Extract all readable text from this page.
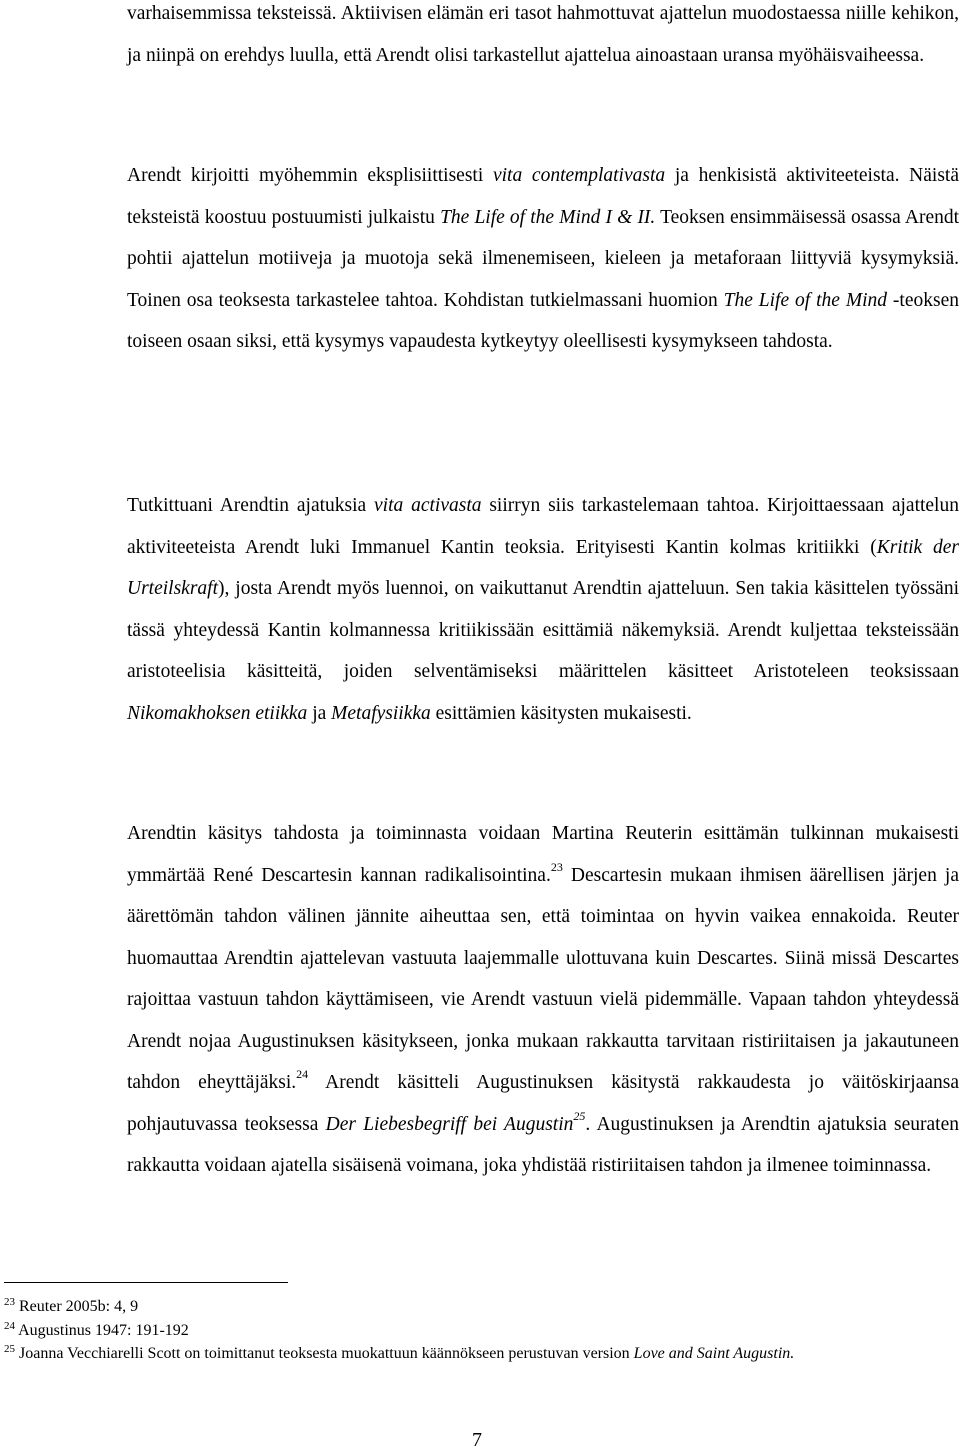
varhaisemmissa teksteissä. Aktiivisen elämän eri tasot hahmottuvat ajattelun muodostaessa niille kehikon, ja niinpä on erehdys luulla, että Arendt olisi tarkastellut ajattelua ainoastaan uransa myöhäisvaiheessa.

Arendt kirjoitti myöhemmin eksplisiittisesti vita contemplativasta ja henkisistä aktiviteeteista. Näistä teksteistä koostuu postuumisti julkaistu The Life of the Mind I & II. Teoksen ensimmäisessä osassa Arendt pohtii ajattelun motiiveja ja muotoja sekä ilmenemiseen, kieleen ja metaforaan liittyviä kysymyksiä. Toinen osa teoksesta tarkastelee tahtoa. Kohdistan tutkielmassani huomion The Life of the Mind -teoksen toiseen osaan siksi, että kysymys vapaudesta kytkeytyy oleellisesti kysymykseen tahdosta.

Tutkittuani Arendtin ajatuksia vita activasta siirryn siis tarkastelemaan tahtoa. Kirjoittaessaan ajattelun aktiviteeteista Arendt luki Immanuel Kantin teoksia. Erityisesti Kantin kolmas kritiikki (Kritik der Urteilskraft), josta Arendt myös luennoi, on vaikuttanut Arendtin ajatteluun. Sen takia käsittelen työssäni tässä yhteydessä Kantin kolmannessa kritiikissään esittämiä näkemyksiä. Arendt kuljettaa teksteissään aristoteelisia käsitteitä, joiden selventämiseksi määrittelen käsitteet Aristoteleen teoksissaan Nikomakhoksen etiikka ja Metafysiikka esittämien käsitysten mukaisesti.

Arendtin käsitys tahdosta ja toiminnasta voidaan Martina Reuterin esittämän tulkinnan mukaisesti ymmärtää René Descartesin kannan radikalisointina.$^{23}$ Descartesin mukaan ihmisen äärellisen järjen ja äärettömän tahdon välinen jännite aiheuttaa sen, että toimintaa on hyvin vaikea ennakoida. Reuter huomauttaa Arendtin ajattelevan vastuuta laajemmalle ulottuvana kuin Descartes. Siinä missä Descartes rajoittaa vastuun tahdon käyttämiseen, vie Arendt vastuun vielä pidemmälle. Vapaan tahdon yhteydessä Arendt nojaa Augustinuksen käsitykseen, jonka mukaan rakkautta tarvitaan ristiriitaisen ja jakautuneen tahdon eheyttäjäksi.$^{24}$ Arendt käsitteli Augustinuksen käsitystä rakkaudesta jo väitöskirjaansa pohjautuvassa teoksessa Der Liebesbegriff bei Augustin$^{25}$. Augustinuksen ja Arendtin ajatuksia seuraten rakkautta voidaan ajatella sisäisenä voimana, joka yhdistää ristiriitaisen tahdon ja ilmenee toiminnassa.

$^{23}$ Reuter 2005b: 4, 9

$^{24}$ Augustinus 1947: 191-192

$^{25}$ Joanna Vecchiarelli Scott on toimittanut teoksesta muokattuun käännökseen perustuvan version Love and Saint Augustin.

7
